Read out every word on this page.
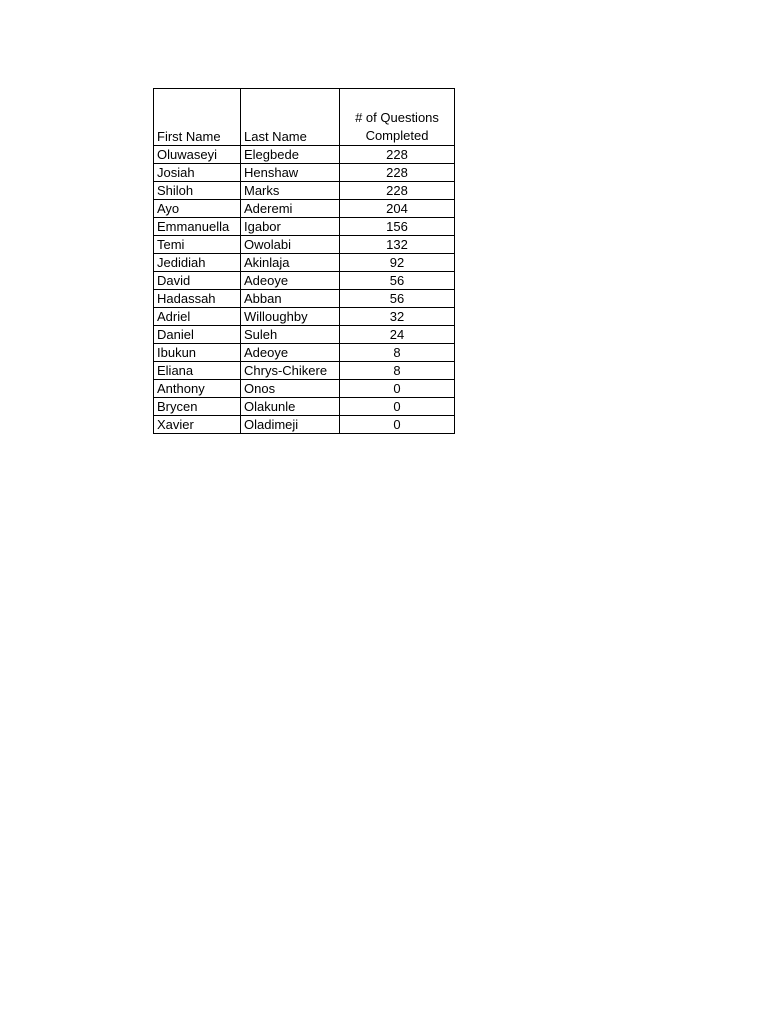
First Name	Last Name	# of Questions Completed
Oluwaseyi	Elegbede	228
Josiah	Henshaw	228
Shiloh	Marks	228
Ayo	Aderemi	204
Emmanuella	Igabor	156
Temi	Owolabi	132
Jedidiah	Akinlaja	92
David	Adeoye	56
Hadassah	Abban	56
Adriel	Willoughby	32
Daniel	Suleh	24
Ibukun	Adeoye	8
Eliana	Chrys-Chikere	8
Anthony	Onos	0
Brycen	Olakunle	0
Xavier	Oladimeji	0
